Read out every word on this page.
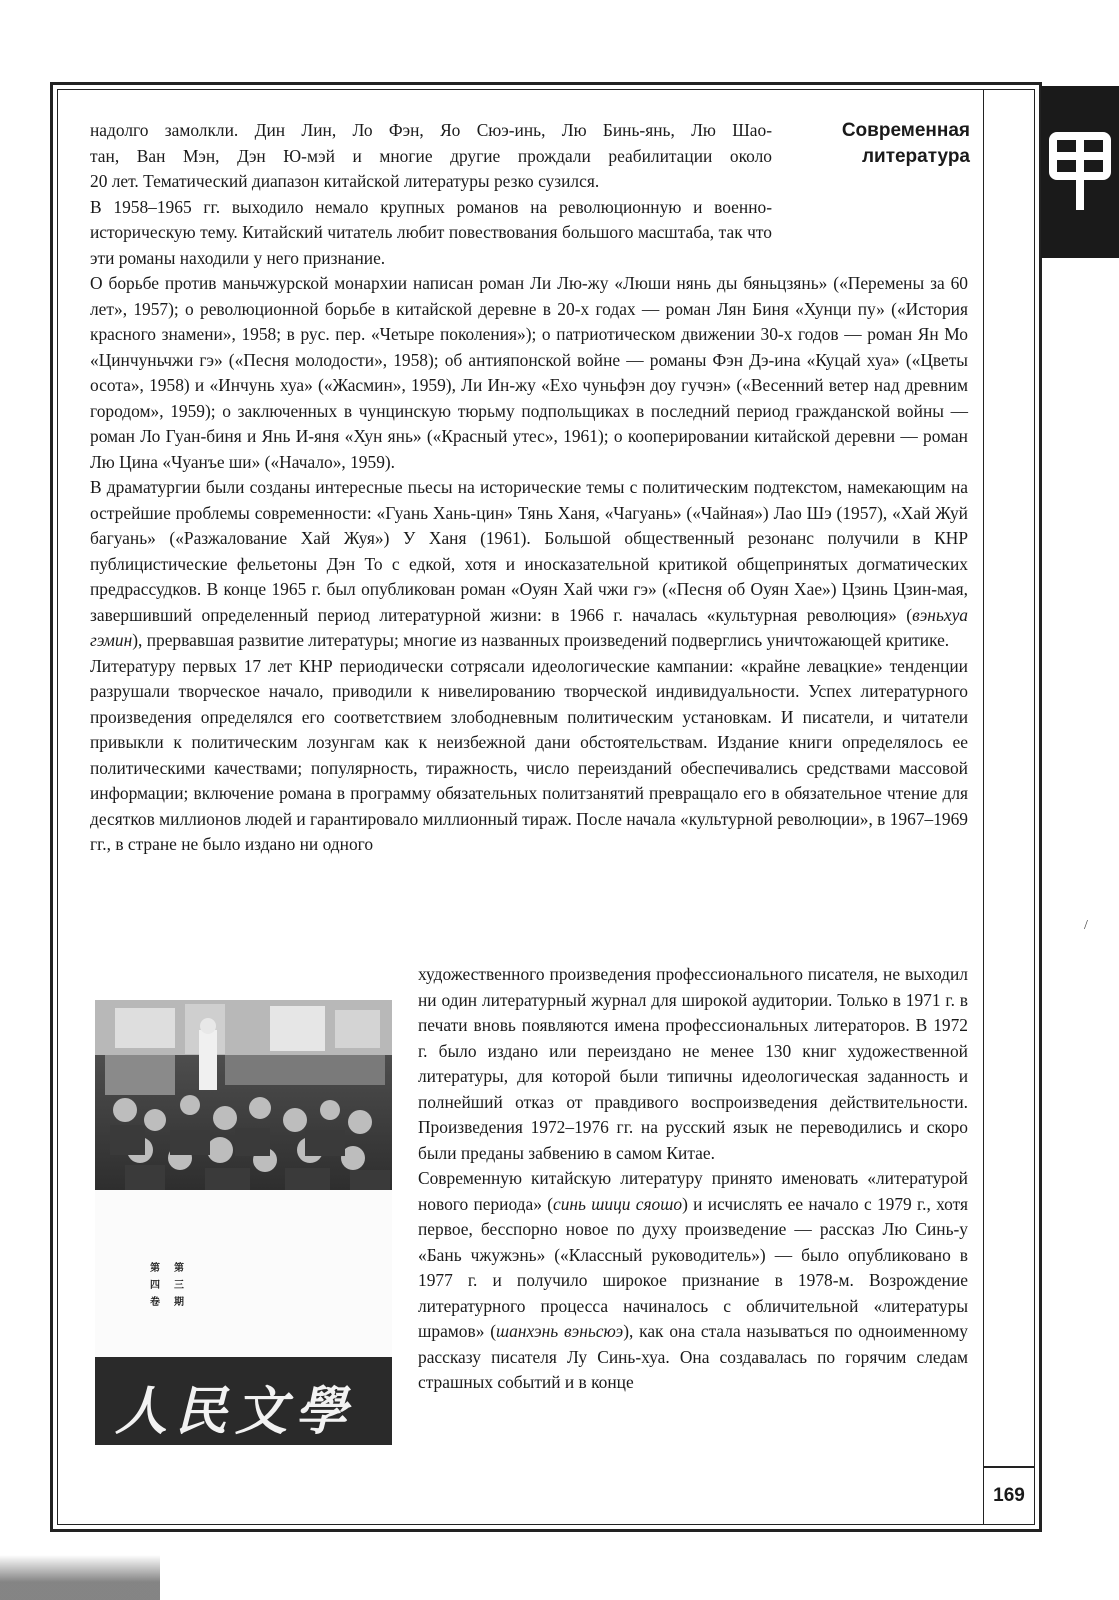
Современная
литература

надолго замолкли. Дин Лин, Ло Фэн, Яо Сюэ-инь, Лю Бинь-янь, Лю Шао-

тан, Ван Мэн, Дэн Ю-мэй и многие другие прождали реабилитации около

20 лет. Тематический диапазон китайской литературы резко сузился.

В 1958–1965 гг. выходило немало крупных романов на революционную и военно-историческую тему. Китайский читатель любит повествования большого масштаба, так что эти романы находили у него признание.

О борьбе против маньчжурской монархии написан роман Ли Лю-жу «Люши нянь ды бяньцзянь» («Перемены за 60 лет», 1957); о революционной борьбе в китайской деревне в 20-х годах — роман Лян Биня «Хунци пу» («История красного знамени», 1958; в рус. пер. «Четыре поколения»); о патриотическом движении 30-х годов — роман Ян Мо «Цинчуньчжи гэ» («Песня молодости», 1958); об антияпонской войне — романы Фэн Дэ-ина «Куцай хуа» («Цветы осота», 1958) и «Инчунь хуа» («Жасмин», 1959), Ли Ин-жу «Ехо чуньфэн доу гучэн» («Весенний ветер над древним городом», 1959); о заключенных в чунцинскую тюрьму подпольщиках в последний период гражданской войны — роман Ло Гуан-биня и Янь И-яня «Хун янь» («Красный утес», 1961); о кооперировании китайской деревни — роман Лю Цина «Чуанъе ши» («Начало», 1959).

В драматургии были созданы интересные пьесы на исторические темы с политическим подтекстом, намекающим на острейшие проблемы современности: «Гуань Хань-цин» Тянь Ханя, «Чагуань» («Чайная») Лао Шэ (1957), «Хай Жуй багуань» («Разжалование Хай Жуя») У Ханя (1961). Большой общественный резонанс получили в КНР публицистические фельетоны Дэн То с едкой, хотя и иносказательной критикой общепринятых догматических предрассудков. В конце 1965 г. был опубликован роман «Оуян Хай чжи гэ» («Песня об Оуян Хае») Цзинь Цзин-мая, завершивший определенный период литературной жизни: в 1966 г. началась «культурная революция» (вэньхуа гэмин), прервавшая развитие литературы; многие из названных произведений подверглись уничтожающей критике.

Литературу первых 17 лет КНР периодически сотрясали идеологические кампании: «крайне левацкие» тенденции разрушали творческое начало, приводили к нивелированию творческой индивидуальности. Успех литературного произведения определялся его соответствием злободневным политическим установкам. И писатели, и читатели привыкли к политическим лозунгам как к неизбежной дани обстоятельствам. Издание книги определялось ее политическими качествами; популярность, тиражность, число переизданий обеспечивались средствами массовой информации; включение романа в программу обязательных политзанятий превращало его в обязательное чтение для десятков миллионов людей и гарантировало миллионный тираж. После начала «культурной революции», в 1967–1969 гг., в стране не было издано ни одного

художественного произведения профессионального писателя, не выходил ни один литературный журнал для широкой аудитории. Только в 1971 г. в печати вновь появляются имена профессиональных литераторов. В 1972 г. было издано или переиздано не менее 130 книг художественной литературы, для которой были типичны идеологическая заданность и полнейший отказ от правдивого воспроизведения действительности. Произведения 1972–1976 гг. на русский язык не переводились и скоро были преданы забвению в самом Китае.

Современную китайскую литературу принято именовать «литературой нового периода» (синь шици сяошо) и исчислять ее начало с 1979 г., хотя первое, бесспорно новое по духу произведение — рассказ Лю Синь-у «Бань чжужэнь» («Классный руководитель») — было опубликовано в 1977 г. и получило широкое признание в 1978-м. Возрождение литературного процесса начиналось с обличительной «литературы шрамов» (шанхэнь вэньсюэ), как она стала называться по одноименному рассказу писателя Лу Синь-хуа. Она создавалась по горячим следам страшных событий и в конце

第
三
期
第
四
卷
人民文學
169
/
